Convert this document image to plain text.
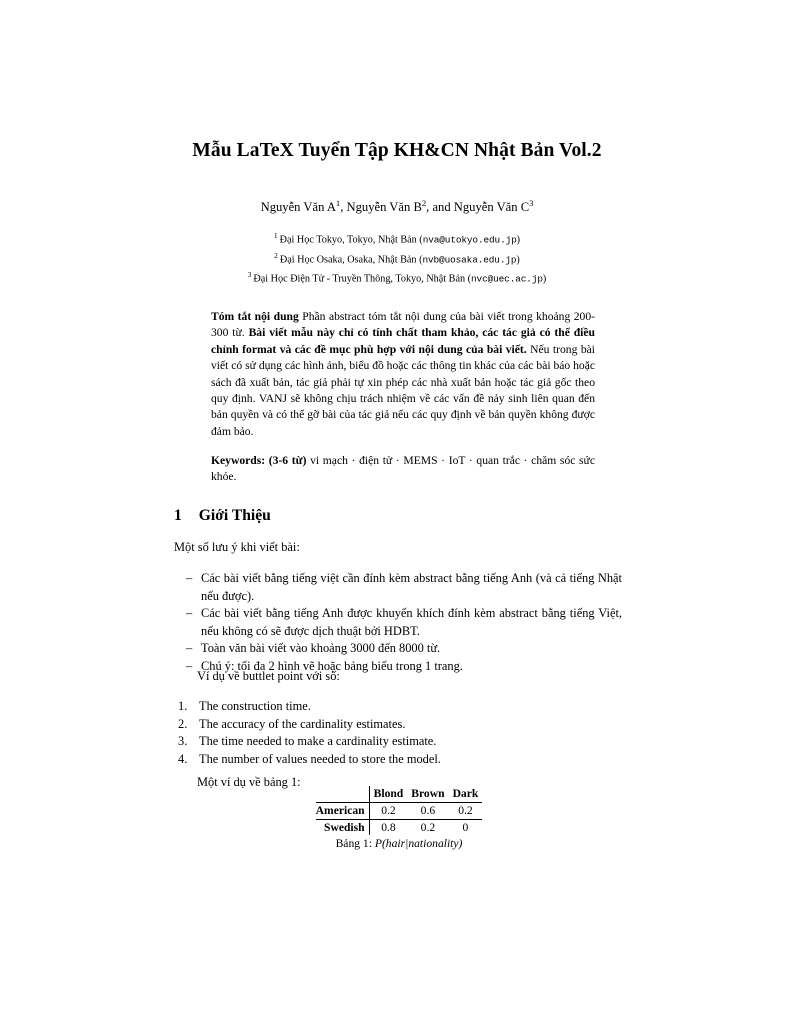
Mẫu LaTeX Tuyển Tập KH&CN Nhật Bản Vol.2
Nguyễn Văn $A^1$, Nguyễn Văn $B^2$, and Nguyễn Văn $C^3$
$^1$ Đại Học Tokyo, Tokyo, Nhật Bản (nva@utokyo.edu.jp)
$^2$ Đại Học Osaka, Osaka, Nhật Bản (nvb@uosaka.edu.jp)
$^3$ Đại Học Điện Tử - Truyền Thông, Tokyo, Nhật Bản (nvc@uec.ac.jp)
Tóm tắt nội dung Phần abstract tóm tắt nội dung của bài viết trong khoảng 200-300 từ. Bài viết mẫu này chỉ có tính chất tham khảo, các tác giả có thể điều chỉnh format và các đề mục phù hợp với nội dung của bài viết. Nếu trong bài viết có sử dụng các hình ảnh, biểu đồ hoặc các thông tin khác của các bài báo hoặc sách đã xuất bản, tác giả phải tự xin phép các nhà xuất bản hoặc tác giả gốc theo quy định. VANJ sẽ không chịu trách nhiệm về các vấn đề nảy sinh liên quan đến bản quyền và có thể gỡ bài của tác giả nếu các quy định về bản quyền không được đảm bảo.
Keywords: (3-6 từ) vi mạch · điện tử · MEMS · IoT · quan trắc · chăm sóc sức khỏe.
1 Giới Thiệu
Một số lưu ý khi viết bài:
– Các bài viết bằng tiếng việt cần đính kèm abstract bằng tiếng Anh (và cả tiếng Nhật nếu được).
– Các bài viết bằng tiếng Anh được khuyến khích đính kèm abstract bằng tiếng Việt, nếu không có sẽ được dịch thuật bởi HDBT.
– Toàn văn bài viết vào khoảng 3000 đến 8000 từ.
– Chú ý: tối đa 2 hình vẽ hoặc bảng biểu trong 1 trang.
Ví dụ về buttlet point với số:
1. The construction time.
2. The accuracy of the cardinality estimates.
3. The time needed to make a cardinality estimate.
4. The number of values needed to store the model.
Một ví dụ về bảng 1:
	Blond	Brown	Dark
American	0.2	0.6	0.2
Swedish	0.8	0.2	0
Bảng 1: P(hair|nationality)
